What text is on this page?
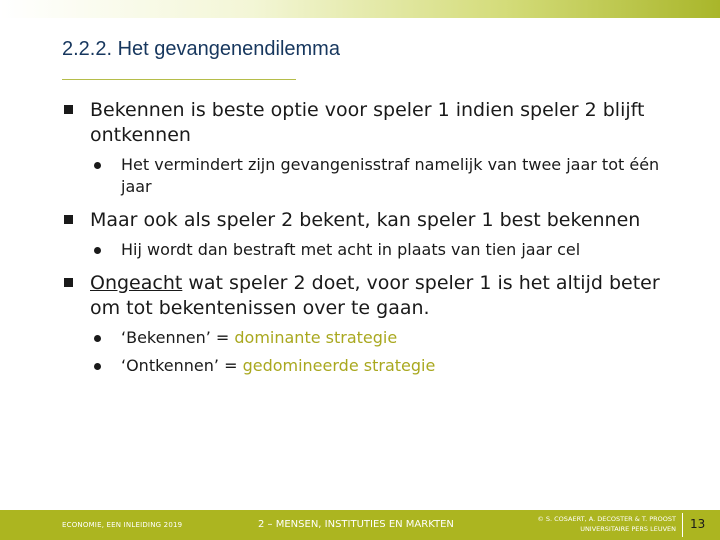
2.2.2. Het gevangenendilemma
Bekennen is beste optie voor speler 1 indien speler 2 blijft ontkennen
Het vermindert zijn gevangenisstraf namelijk van twee jaar tot één jaar
Maar ook als speler 2 bekent, kan speler 1 best bekennen
Hij wordt dan bestraft met acht in plaats van tien jaar cel
Ongeacht wat speler 2 doet, voor speler 1 is het altijd beter om tot bekentenissen over te gaan.
‘Bekennen’ = dominante strategie
‘Ontkennen’ = gedomineerde strategie
ECONOMIE, EEN INLEIDING 2019	2 – MENSEN, INSTITUTIES EN MARKTEN	© S. COSAERT, A. DECOSTER & T. PROOST
UNIVERSITAIRE PERS LEUVEN 13
